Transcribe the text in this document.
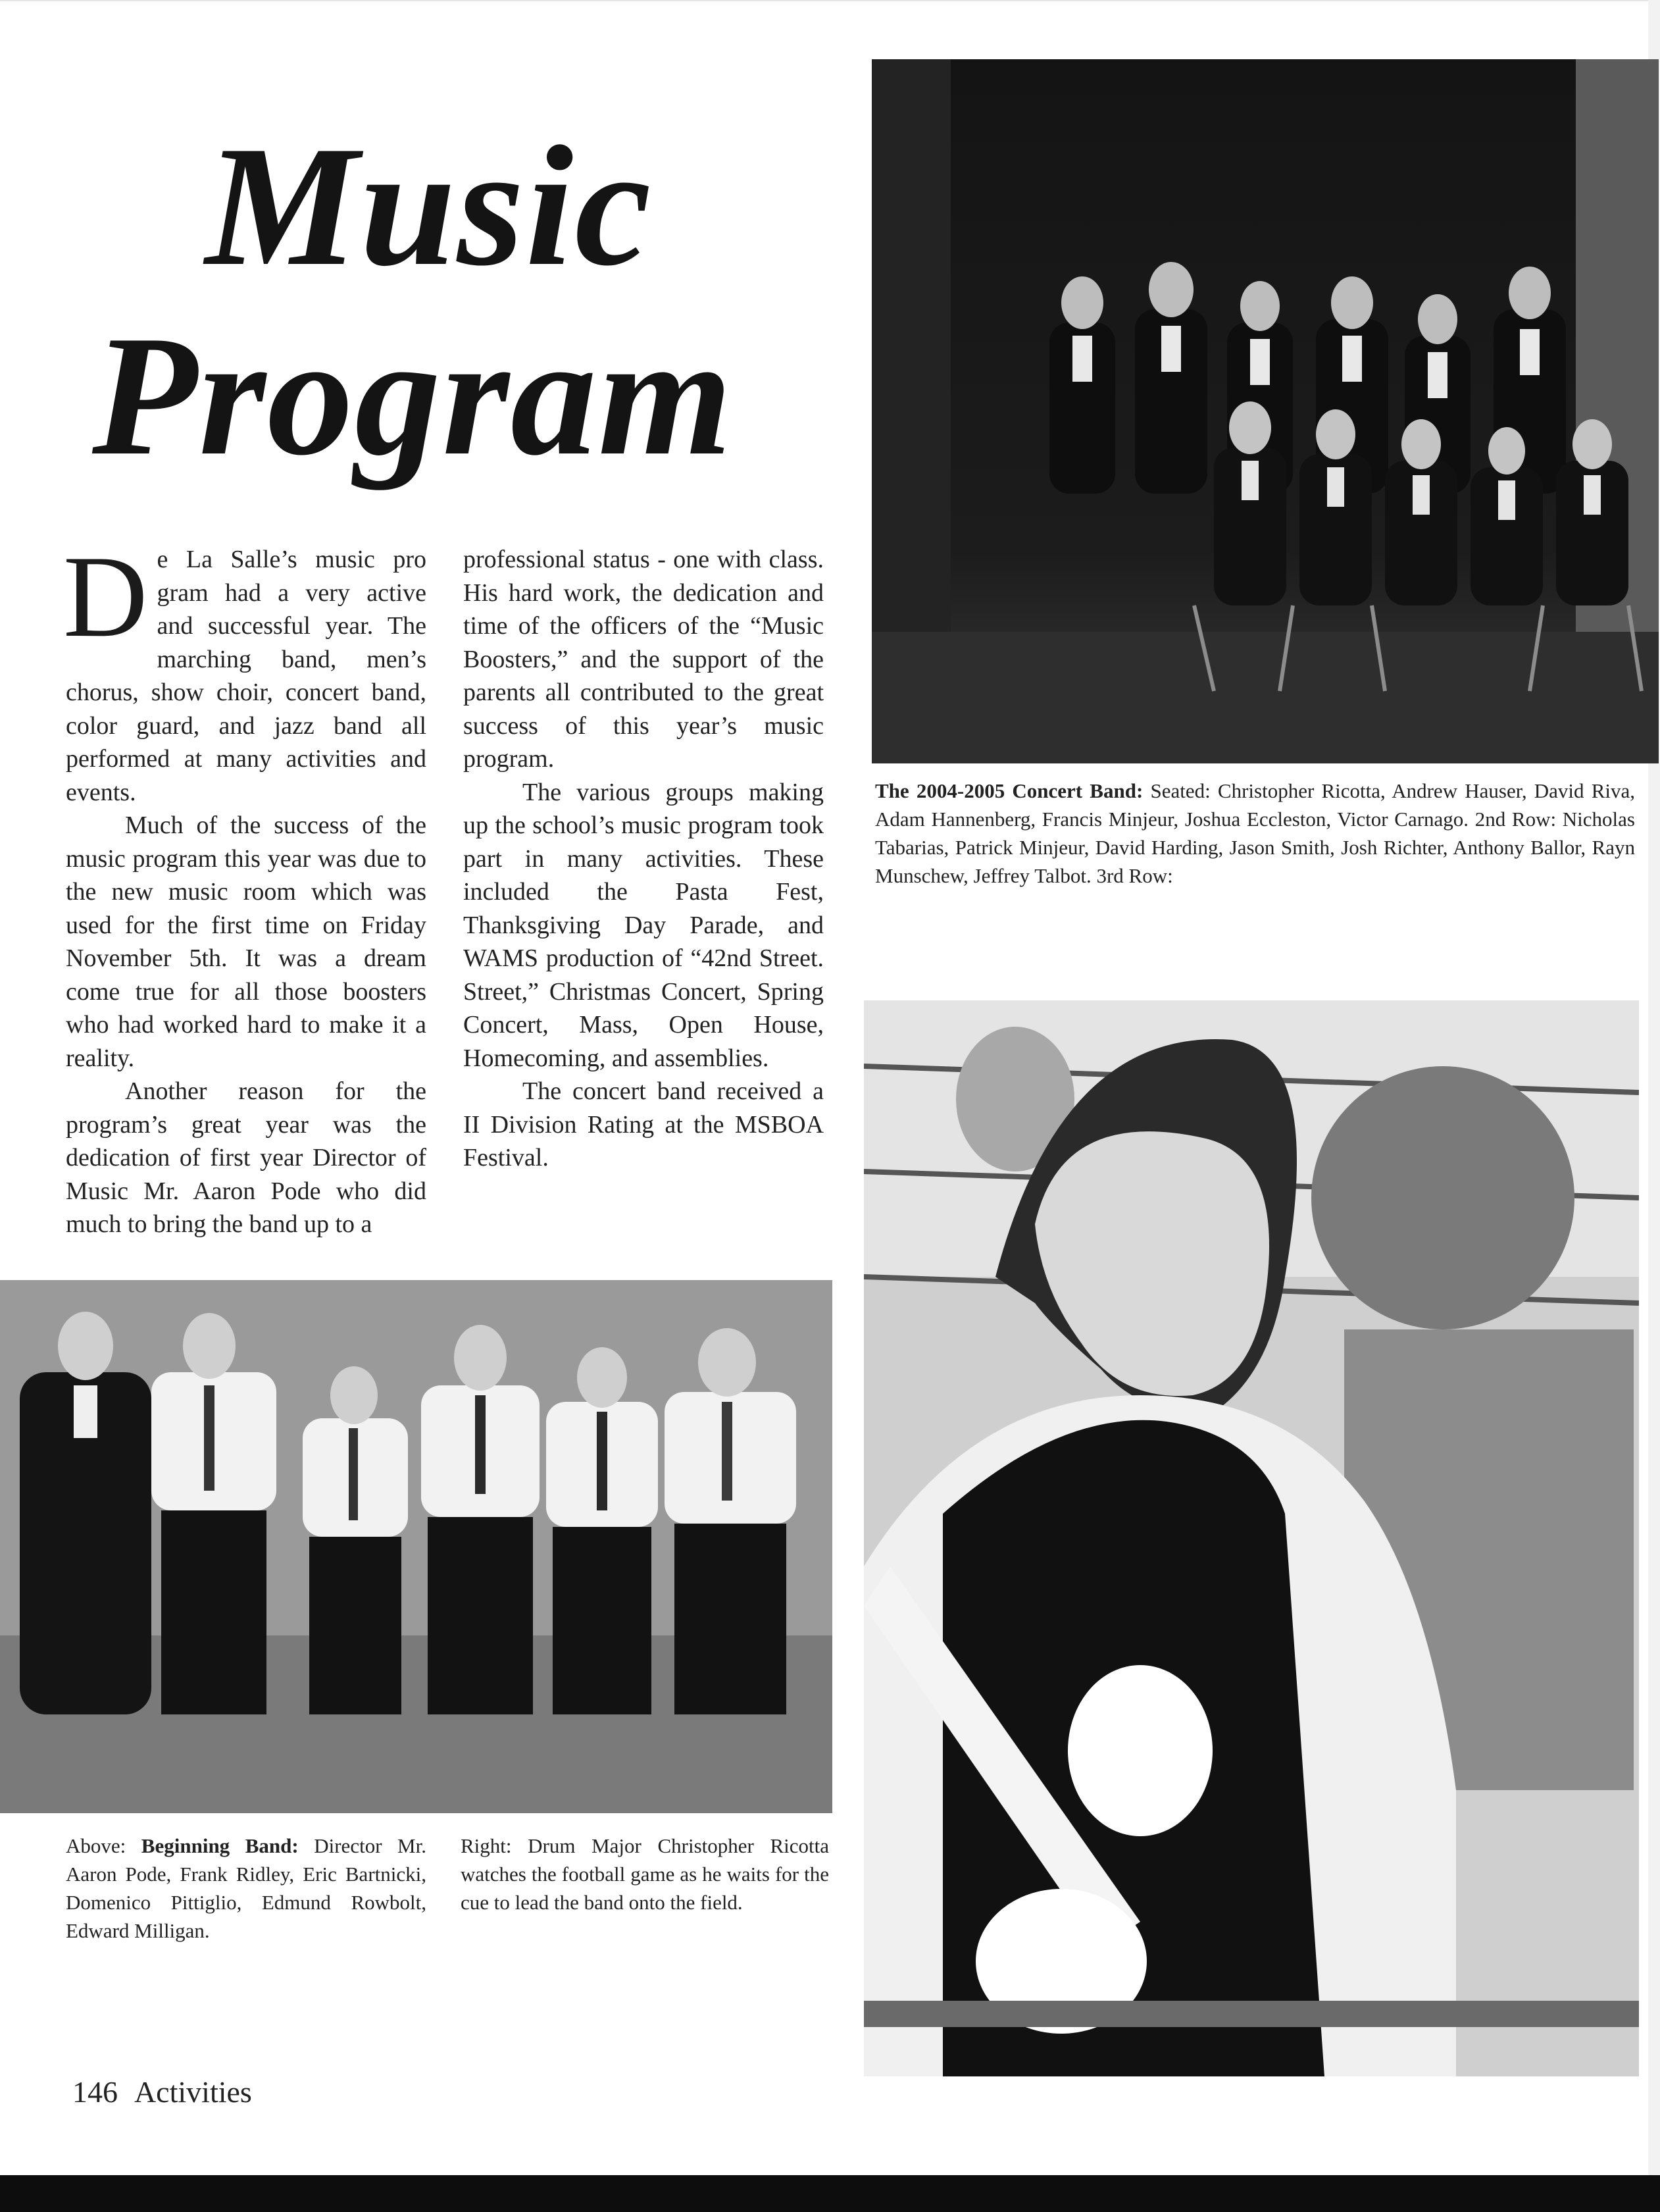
Music
Program

De La Salle’s music pro gram had a very active and successful year. The marching band, men’s chorus, show choir, concert band, color guard, and jazz band all performed at many activities and events.

Much of the success of the music program this year was due to the new music room which was used for the first time on Friday November 5th. It was a dream come true for all those boosters who had worked hard to make it a reality.

Another reason for the program’s great year was the dedication of first year Director of Music Mr. Aaron Pode who did much to bring the band up to a

professional status - one with class. His hard work, the dedication and time of the officers of the “Music Boosters,” and the support of the parents all contributed to the great success of this year’s music program.

The various groups making up the school’s music program took part in many activities. These included the Pasta Fest, Thanksgiving Day Parade, and WAMS production of “42nd Street. Street,” Christmas Concert, Spring Concert, Mass, Open House, Homecoming, and assemblies.

The concert band received a II Division Rating at the MSBOA Festival.

The 2004-2005 Concert Band: Seated: Christopher Ricotta, Andrew Hauser, David Riva, Adam Hannenberg, Francis Minjeur, Joshua Eccleston, Victor Carnago. 2nd Row: Nicholas Tabarias, Patrick Minjeur, David Harding, Jason Smith, Josh Richter, Anthony Ballor, Rayn Munschew, Jeffrey Talbot. 3rd Row:
Above: Beginning Band: Director Mr. Aaron Pode, Frank Ridley, Eric Bartnicki, Domenico Pittiglio, Edmund Rowbolt, Edward Milligan.
Right: Drum Major Christopher Ricotta watches the football game as he waits for the cue to lead the band onto the field.
146 Activities
